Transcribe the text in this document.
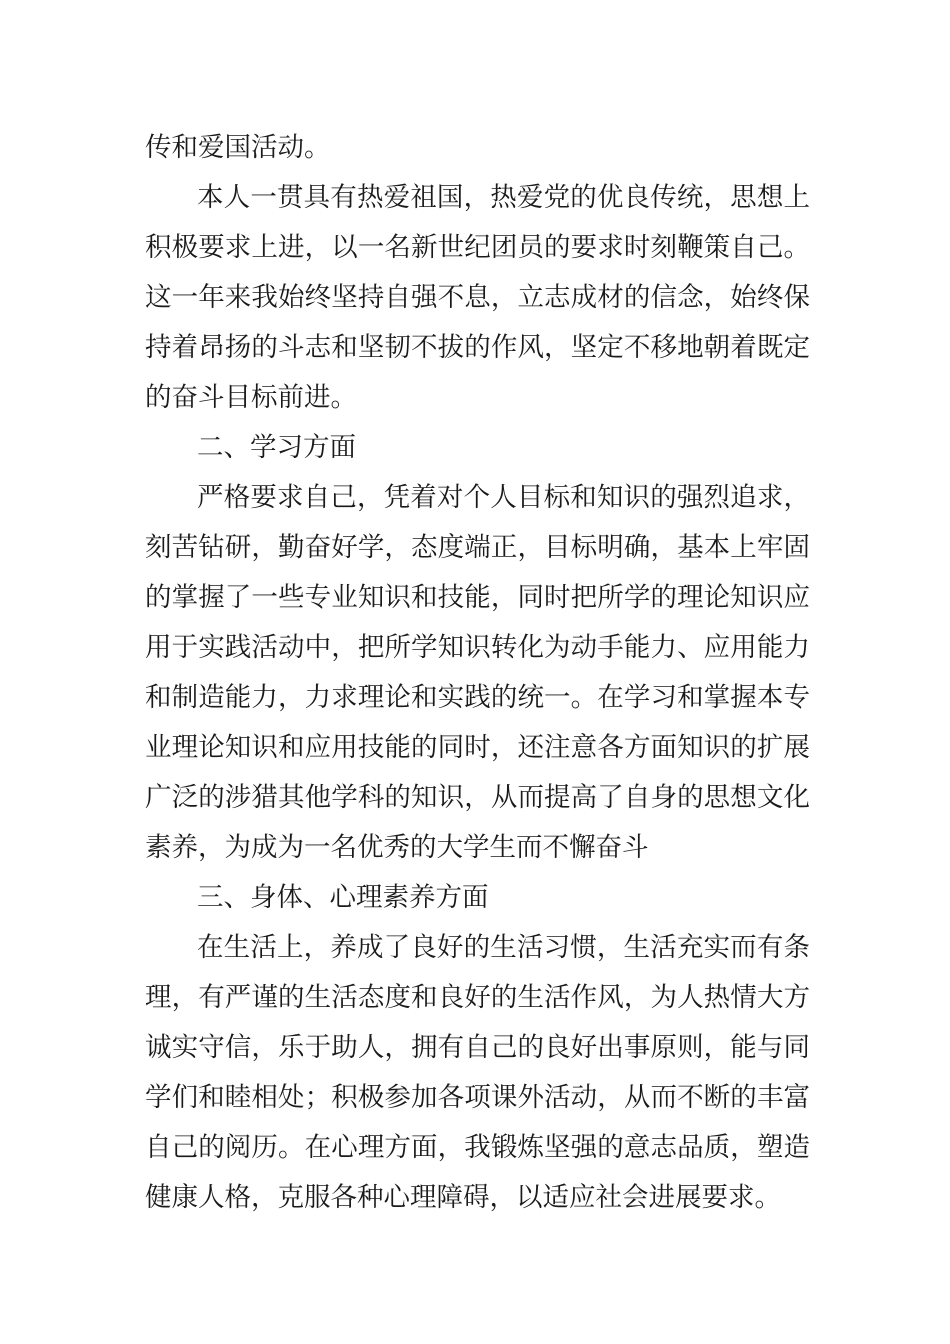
传和爱国活动。
本人一贯具有热爱祖国，热爱党的优良传统，思想上
积极要求上进，以一名新世纪团员的要求时刻鞭策自己。
这一年来我始终坚持自强不息，立志成材的信念，始终保
持着昂扬的斗志和坚韧不拔的作风，坚定不移地朝着既定
的奋斗目标前进。
二、学习方面
严格要求自己，凭着对个人目标和知识的强烈追求，
刻苦钻研，勤奋好学，态度端正，目标明确，基本上牢固
的掌握了一些专业知识和技能，同时把所学的理论知识应
用于实践活动中，把所学知识转化为动手能力、应用能力
和制造能力，力求理论和实践的统一。在学习和掌握本专
业理论知识和应用技能的同时，还注意各方面知识的扩展
广泛的涉猎其他学科的知识，从而提高了自身的思想文化
素养，为成为一名优秀的大学生而不懈奋斗
三、身体、心理素养方面
在生活上，养成了良好的生活习惯，生活充实而有条
理，有严谨的生活态度和良好的生活作风，为人热情大方
诚实守信，乐于助人，拥有自己的良好出事原则，能与同
学们和睦相处；积极参加各项课外活动，从而不断的丰富
自己的阅历。在心理方面，我锻炼坚强的意志品质，塑造
健康人格，克服各种心理障碍，以适应社会进展要求。
